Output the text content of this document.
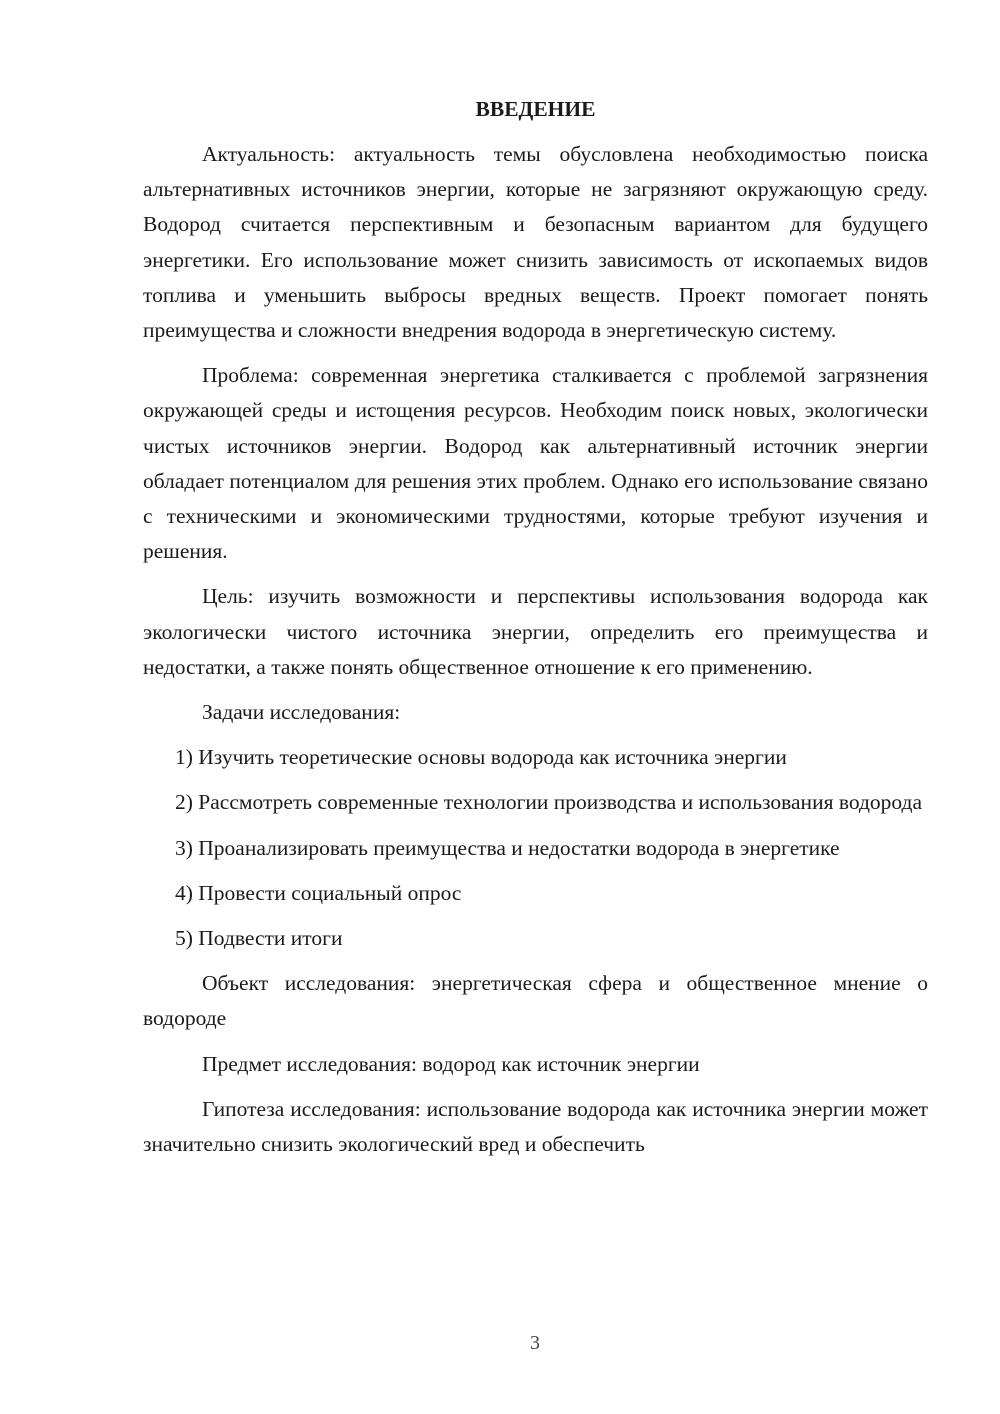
ВВЕДЕНИЕ

Актуальность: актуальность темы обусловлена необходимостью поиска альтернативных источников энергии, которые не загрязняют окружающую среду. Водород считается перспективным и безопасным вариантом для будущего энергетики. Его использование может снизить зависимость от ископаемых видов топлива и уменьшить выбросы вредных веществ. Проект помогает понять преимущества и сложности внедрения водорода в энергетическую систему.

Проблема: современная энергетика сталкивается с проблемой загрязнения окружающей среды и истощения ресурсов. Необходим поиск новых, экологически чистых источников энергии. Водород как альтернативный источник энергии обладает потенциалом для решения этих проблем. Однако его использование связано с техническими и экономическими трудностями, которые требуют изучения и решения.

Цель: изучить возможности и перспективы использования водорода как экологически чистого источника энергии, определить его преимущества и недостатки, а также понять общественное отношение к его применению.

Задачи исследования:

1) Изучить теоретические основы водорода как источника энергии

2) Рассмотреть современные технологии производства и использования водорода

3) Проанализировать преимущества и недостатки водорода в энергетике

4) Провести социальный опрос

5) Подвести итоги

Объект исследования: энергетическая сфера и общественное мнение о водороде

Предмет исследования: водород как источник энергии

Гипотеза исследования: использование водорода как источника энергии может значительно снизить экологический вред и обеспечить

3
